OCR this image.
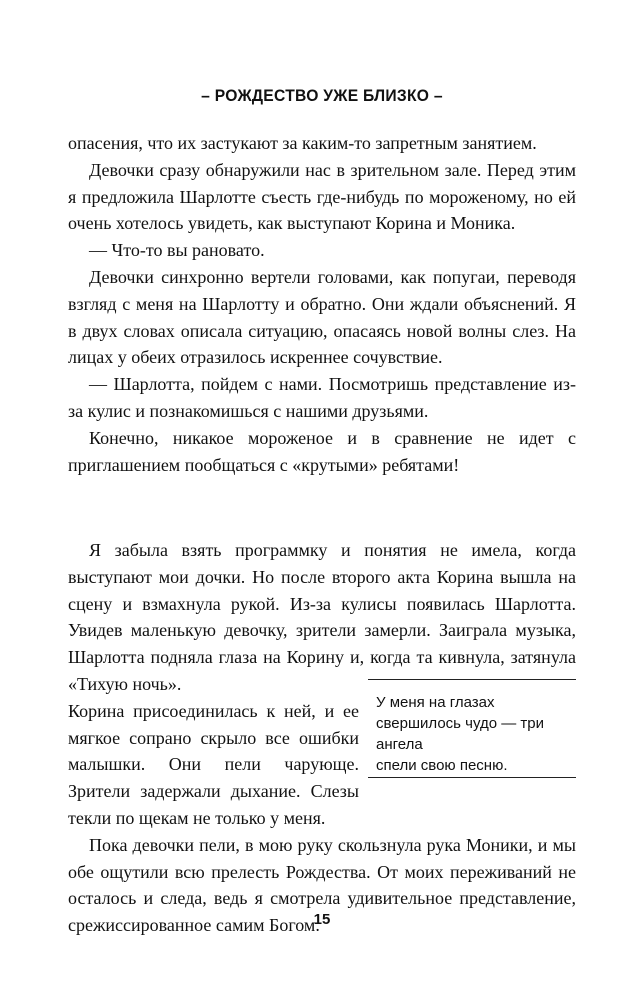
– РОЖДЕСТВО УЖЕ БЛИЗКО –

опасения, что их застукают за каким-то запретным занятием.

Девочки сразу обнаружили нас в зрительном зале. Перед этим я предложила Шарлотте съесть где-нибудь по мороженому, но ей очень хотелось увидеть, как выступают Корина и Моника.

— Что-то вы рановато.

Девочки синхронно вертели головами, как попугаи, переводя взгляд с меня на Шарлотту и обратно. Они ждали объяснений. Я в двух словах описала ситуацию, опасаясь новой волны слез. На лицах у обеих отразилось искреннее сочувствие.

— Шарлотта, пойдем с нами. Посмотришь представление из-за кулис и познакомишься с нашими друзьями.

Конечно, никакое мороженое и в сравнение не идет с приглашением пообщаться с «крутыми» ребятами!

Я забыла взять программку и понятия не имела, когда выступают мои дочки. Но после второго акта Корина вышла на сцену и взмахнула рукой. Из-за кулисы появилась Шарлотта. Увидев маленькую девочку, зрители замерли. Заиграла музыка, Шарлотта подняла глаза на Корину и, когда та кивнула, затянула «Тихую ночь».

Корина присоединилась к ней, и ее мягкое сопрано скрыло все ошибки малышки. Они пели чарующе. Зрители задержали дыхание. Слезы текли по щекам не только у меня.

Пока девочки пели, в мою руку скользнула рука Моники, и мы обе ощутили всю прелесть Рождества. От моих переживаний не осталось и следа, ведь я смотрела удивительное представление, срежиссированное самим Богом.

У меня на глазах свершилось чудо — три ангела
спели свою песню.
15
